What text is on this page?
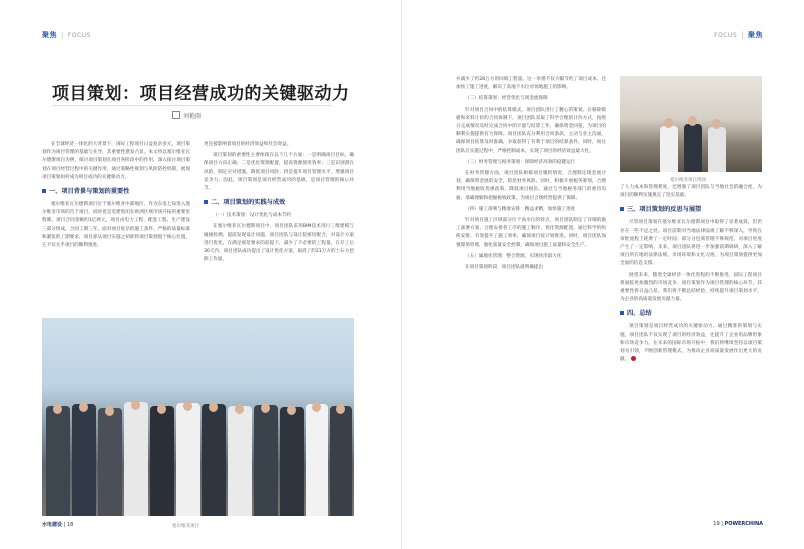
聚焦 | FOCUS
项目策划：项目经营成功的关键驱动力
刘艳雨

在全球经济一体化的大背景下，国际工程项目日益复杂多元，项目策划作为项目管理的基础与先导，其重要性愈发凸显。本文将以塞尔维亚瓦尔德斯项目为例，探讨项目策划在项目各阶段中的作用，深入探讨项目策划在项目经营过程中的关键作用，通过策略性规划与风险防控机制，展现项目策划如何成为项目成功的关键驱动力。

一、项目背景与策划的重要性

塞尔维亚瓦尔德斯项目位于塞尔维亚中部地区，作为东电七局进入塞尔维亚市场的首个项目，同时也是电建集团在欧洲区域市场开拓的重要里程碑。项目合同金额约1亿欧元，项目由电力工程、配套工程、生产建设三部分组成，合同工期三年。面对项目复杂的施工条件、严格的质量标准和紧张的工期要求，项目部从项目实施之初即将项目策划置于核心位置。它不仅关乎项目的顺利推进，

更直接影响着项目的经济效益和社会效益。

项目策划的重要性主要体现在以下几个方面：一是明确项目目标，确保项目方向正确；二是优化资源配置，提高资源使用效率；三是识别潜在风险，制定应对措施，降低项目风险；四是提升项目管理水平，增强项目竞争力。因此，项目策划是项目经营成功的基础，是项目管理的核心环节。

二、项目策划的实践与成效

（一）技术策划：设计优化与成本节约

在塞尔维亚瓦尔德斯项目中，项目团队采用BIM技术进行三维建模与碰撞检测，提前发现设计问题，项目团队与设计院密切配合，对设计方案进行优化，在满足规范要求的前提下，减少了不必要的工程量。在开工后30天内，项目团队成功提出了设计优化方案，取消了约21万方的土石方挖除工作量，

塞尔维亚项目
水电建设 | 18
FOCUS | 聚焦

并减少了约28万方的回填工程量。这一举措不仅大幅节约了项目成本，还加快了施工进度，解决了高地下水位对场地施工的影响。

（二）结算策划：经营优化与现金流保障

针对项目合同中的结算模式，项目团队进行了精心的策划。在移除模板和来料计价的合同体制下，项目团队采取了科学合理的计价方式，按照日完成情况及时完成合同中的计量与结算工作，确保资金回笼，为项目的顺利实施提供有力保障。项目团队充分利用合同条款，主动与业主沟通，确保项目结算及时准确，争取获得了有利于项目的结算条件。同时，项目团队在实施过程中，严格控制成本，实现了项目的经济效益最大化。

（三）财务管理与税务策划：保障经济高效的稳健运行

在财务管理方面，项目团队根据项目履约情况，合理制定现金流计划，确保资金链的安全，防范财务风险。同时，积极开展税务筹划，合理利用当地税收优惠政策，降低项目税负。通过与当地税务部门的密切沟通，准确理解和把握税收政策，为项目合规经营提供了保障。

（四）施工部署与精准安排：精益求精，加快施工进度

针对项目施工区域部分位于高水位的特点，项目团队制定了详细的施工部署方案，合理安排各工序的施工顺序，优化资源配置。通过科学的组织安排，有效提升了施工效率，确保项目按计划推进。同时，项目团队加强现场管理，强化质量安全控制，确保项目施工质量和安全生产。

（五）属地化管理：整合资源，实现经济最大化

在项目策划阶段，项目团队就明确提出

塞尔维亚项目现场

了人力成本和管理难度，还增强了项目团队与当地社会的融合度，为项目的顺利实施奠定了坚实基础。

三、项目策划的反思与展望

尽管项目策划在塞尔维亚瓦尔德斯项目中取得了显著成效，但仍存在一些不足之处。项目前期对当地法律法规了解不够深入，导致在审批流程上耗费了一定时间；部分分包商管理不够规范，对项目进度产生了一定影响。未来，项目团队将进一步加强前期调研，深入了解项目所在地的法律法规、市场环境和文化习俗，为项目策划提供更加全面的信息支撑。

展望未来，随着全球经济一体化进程的不断推进，国际工程项目将面临更加激烈的市场竞争。项目策划作为项目管理的核心环节，其重要性将日益凸显。我们将不断总结经验，持续提升项目策划水平，为企业的高质量发展贡献力量。

四、总结

项目策划是项目经营成功的关键驱动力。通过精准的策划与实施，项目团队不仅实现了项目的经济效益，还提升了企业的品牌形象和市场竞争力。在未来的国际市场开拓中，我们将继续坚持以项目策划为引领，不断创新管理模式，为推动企业高质量发展作出更大的贡献。

19 | POWERCHINA
